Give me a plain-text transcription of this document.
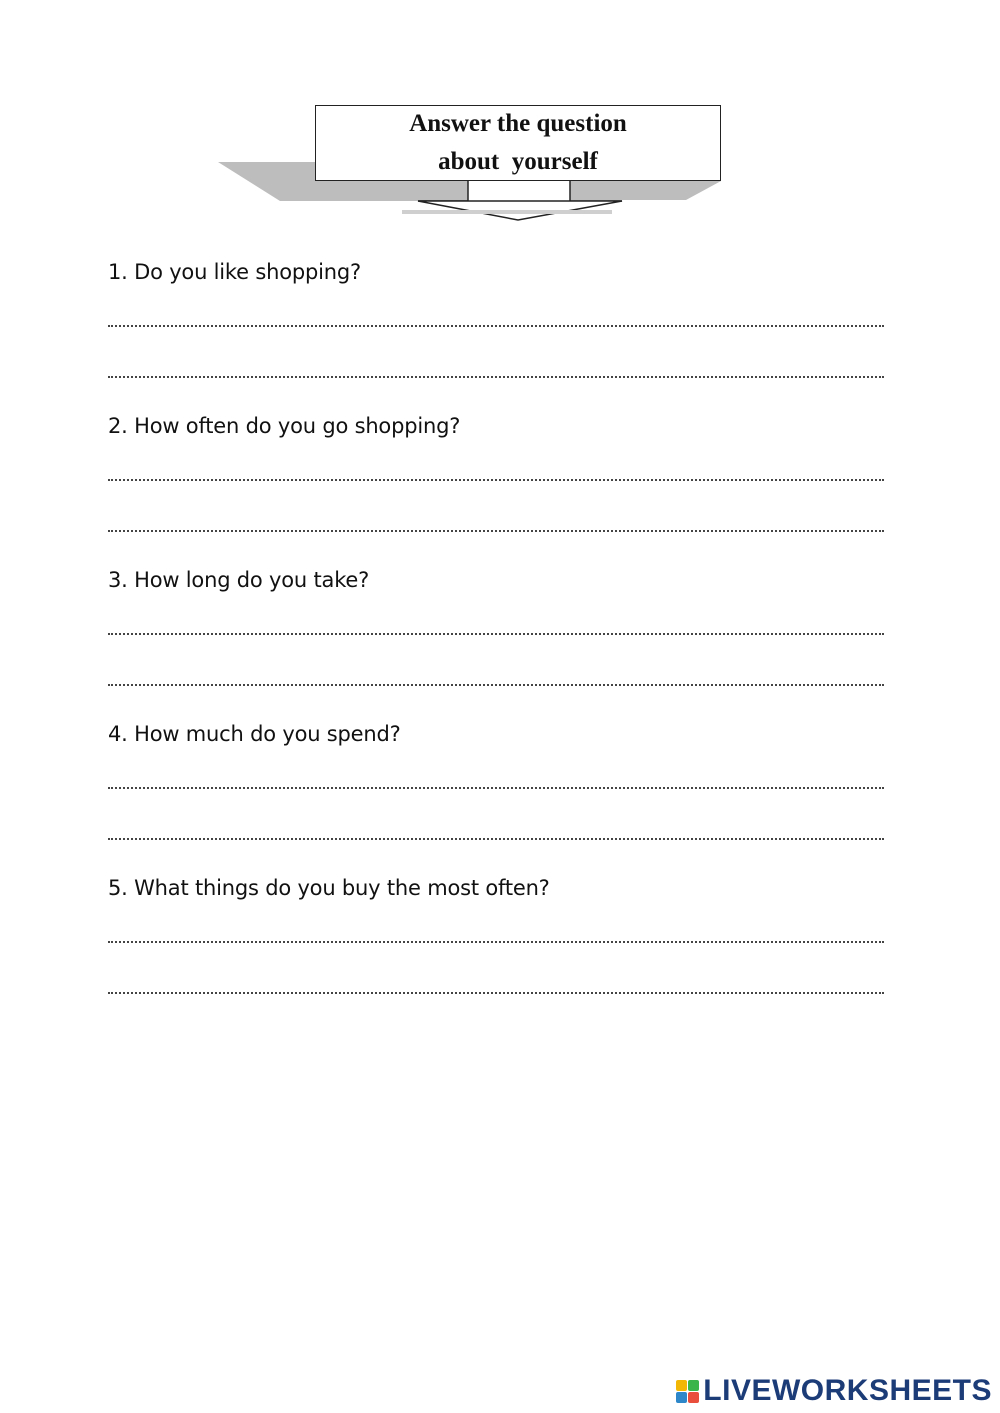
Answer the question
about  yourself
1. Do you like shopping?
2. How often do you go shopping?
3. How long do you take?
4. How much do you spend?
5. What things do you buy the most often?
LIVEWORKSHEETS
